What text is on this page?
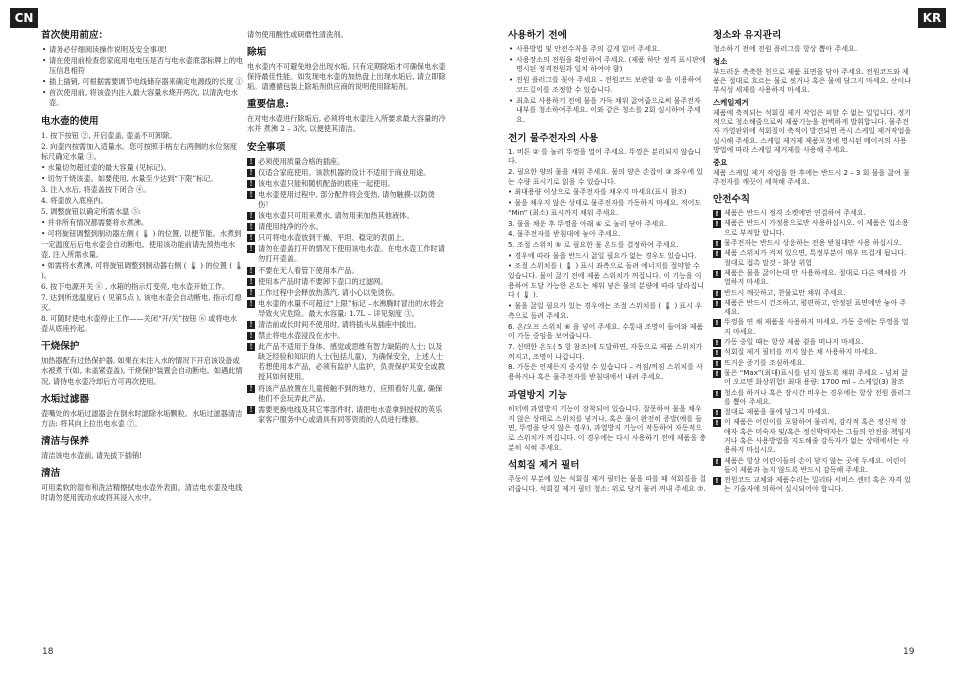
CN	KR
首次使用前应：
• 请务必仔细阅读操作说明及安全事项!
• 请在使用前检查您家庭用电电压是否与电水壶底部标牌上的电压信息相符
• 插上插销, 可根据需要调节电线储存器来确定电源线的长度 ①
• 首次使用前, 将该壶内注入最大容量水烧开两次, 以清洗电水壶。
电水壶的使用
1. 按下按钮 ②, 开启壶盖, 壶盖不可卸除。
2. 向壶内按需加入适量水。您可按照手柄左右两侧的水位刻度标尺确定水量 ③。
• 水量切勿超过壶的最大容量 (见标记)。
• 切勿干烧该壶。如要使用, 水量至少达到“下限”标记。
3. 注入水后, 将壶盖按下闭合 ④。
4. 将壶放入底座内。
5. 调整旋钮以确定所需水温 ⑤:
• 并非所有情况都需要将水煮沸。
• 可将旋钮调整到制动器左侧 ( 🌡 ) 的位置, 以便节能。水煮到一定温度后后电水壶会自动断电。使用该功能前请先预热电水壶, 注入所需水量。
• 如需将水煮沸, 可将旋钮调整到制动器右侧 ( 🌡 ) 的位置 ( 🌡 )。
6. 按下电源开关 ⑥ , 水箱的指示灯变亮, 电水壶开始工作。
7. 达到所选温度后 ( 见第5点 ), 该电水壶会自动断电, 指示灯熄灭。
8. 可随时使电水壶停止工作——关闭“开/关”按钮 ⑥ 或将电水壶从底座拎起。
干烧保护

加热器配有过热保护器, 如果在未注入水的情况下开启该设备或水被煮干(如, 未盖紧壶盖), 干烧保护装置会自动断电。如遇此情况, 请待电水壶冷却后方可再次使用。

水垢过滤器

壶嘴处的水垢过滤器会在倒水时滤除水垢颗粒。水垢过滤器清洁方法: 将其向上拉出电水壶 ⑦。

清洁与保养

清洁该电水壶前, 请先拔下插销!

清洁

可用柔软的湿布和洗洁精擦拭电水壶外表面。清洁电水壶及电线时请勿使用流动水或将其浸入水中。

请勿使用酸性或研磨性清洗剂。

除垢

电水壶内不可避免地会出现水垢, 只有定期除垢才可确保电水壶保持最佳性能。如发现电水壶的加热盘上出现水垢后, 请立即除垢。请遵循包装上除垢剂供应商的说明使用除垢剂。

重要信息:

在对电水壶进行除垢后, 必须将电水壶注入所要求最大容量的冷水并 煮沸 2 – 3次, 以便使其清洁。

安全事项
! 必须使用质量合格的插座。
! 仅适合家庭使用。该款机器的设计不适用于商业用途。
! 该电水壶只能和随机配备的底座一起使用。
! 电水壶使用过程中, 部分配件将会变热, 请勿触摸-以防烫伤！
! 该电水壶只可用来煮水, 请勿用来加热其他液体。
! 请使用纯净的冷水。
! 只可将电水壶放到干燥、平坦、稳定的表面上。
! 请勿在壶盖打开的情况下使用该电水壶。在电水壶工作时请勿打开壶盖。
! 不要在无人看管下使用本产品。
! 使用本产品时请不要卸下壶口的过滤网。
! 工作过程中会释放热蒸汽, 请小心以免烫伤。
! 电水壶的水量不可超过“上限”标记 –水沸腾时冒出的水将会导致火灾危险。最大水容量: 1.7L – 详见刻度 ③。
! 清洁前或长时间不使用时, 请将插头从插座中拔出。
! 禁止将电水壶浸没在水中。
! 此产品不适用于身体、感觉或思维有智力缺陷的人士; 以及缺乏经验和知识的人士(包括儿童)，为确保安全，上述人士若想使用本产品，必须有监护人监护，负责保护其安全或教授其如何使用。
! 将该产品放置在儿童接触不到的地方，应照看好儿童, 确保他们不会玩弄此产品。
! 需要更换电线及其它零部件时, 请把电水壶拿到授权的英乐家客户服务中心或请具有同等资质的人员进行维修。
사용하기 전에
• 사용방법 및 안전수칙을 주의 깊게 읽어 주세요.
• 사용장소의 전원을 확인하여 주세요. (제품 하단 정격 표시판에 명시된 정격전원과 일치 하여야 함)
• 전원 플러그를 꽂아 주세요 – 전원코드 보관함 ① 을 이용하여 코드길이를 조정할 수 있습니다.
• 최초로 사용하기 전에 물을 가득 채워 끓여줍으로써 물주전자 내부를 청소하여주세요. 이와 같은 청소를 2회 실시하여 주세요.
전기 물주전자의 사용
1. 버튼 ② 를 눌러 뚜껑을 열어 주세요. 뚜껑은 분리되지 않습니다.
2. 필요한 양의 물을 채워 주세요. 물의 양은 손잡이 ③ 좌우에 있는 수량 표시기로 읽을 수 있습니다.
• 최대용량 이상으로 물주전자를 채우지 마세요(표시 참조)
• 물을 채우지 않은 상태로 물주전자를 가동하지 마세요. 적어도 “Min” (최소) 표시까지 채워 주세요.
3. 물을 채운 후 뚜껑을 아래 ④ 로 눌러 닫아 주세요.
4. 물주전자를 받침대에 놓아 주세요.
5. 조절 스위치 ⑤ 로 필요한 물 온도를 결정하여 주세요.
• 경우에 따라 물을 반드시 끓일 필요가 없는 경우도 있습니다.
• 조절 스위치를 ( 🌡 ) 표시 좌측으로 돌려 에너지를 절약할 수 있습니다. 물이 끓기 전에 제품 스위치가 꺼집니다. 이 기능을 이용하여 도달 가능한 온도는 채워 넣은 물의 분량에 따라 달라집니다 ( 🌡 ).
• 물을 끓일 필요가 있는 경우에는 조절 스위치를 ( 🌡 ) 표시 우측으로 돌려 주세요.
6. 온/오프 스위치 ⑥ 을 넣어 주세요. 수통내 조명이 들어와 제품이 가동 중임을 보여줍니다.
7. 선택한 온도( 5 항 참조)에 도달하면, 자동으로 제품 스위치가 꺼지고, 조명이 나갑니다.
8. 가동은 언제든지 중지할 수 있습니다 – 켜짐/꺼짐 스위치를 사용하거나 혹은 물주전자를 받침대에서 내려 주세요.
과열방지 기능

히터에 과열방지 기능이 장착되어 있습니다. 잘못하여 물을 채우지 않은 상태로 스위치를 넣거나, 혹은 물이 완전히 증발(예를 들면, 뚜껑을 닫지 않은 경우), 과열방지 기능이 작동하여 자동적으로 스위치가 꺼집니다. 이 경우에는 다시 사용하기 전에 제품을 충분히 식혀 주세요.

석회질 제거 필터

주둥이 부분에 있는 석회질 제거 필터는 물을 따를 때 석회질을 걸러줍니다. 석회질 제거 필터 청소: 위로 당겨 물려 꺼내 주세요 ⑦.

청소와 유지관리

청소하기 전에 전원 플러그를 항상 뽑아 주세요.

청소

부드러운 축축한 천으로 제품 표면을 닦아 주세요. 전원코드와 제품은 절대로 흐르는 물로 씻거나 혹은 물에 담그지 마세요. 산이나 부식성 세제를 사용하지 마세요.

스케일제거

제품에 축적되는 석회질 제거 작업은 피할 수 없는 일입니다. 정기적으로 청소해줌으로써 제품기능을 완벽하게 발휘합니다. 물주전자 가열판위에 석회질이 축적이 발견되면 즉시 스케일 제거작업을 실시해 주세요. 스케일 제거제 제품포장에 명시된 메이커의 사용방법에 따라 스케일 제거제를 사용해 주세요.

중요

제품 스케일 제거 작업을 한 후에는 반드시 2 – 3 회 물을 끓여 물주전자를 깨끗이 세척해 주세요.

안전수칙
! 제품은 반드시 정격 소켓에만 연결하여 주세요.
! 제품은 반드시 가정용으로만 사용하십시오. 이 제품은 업소용으로 부적합 합니다.
! 물주전자는 반드시 상응하는 전용 받침대만 사용 하십시오.
! 제품 스위치가 켜져 있으면, 특정부분이 매우 뜨겁게 됩니다. 절대로 접촉 말것 - 화상 위험
! 제품은 물을 끓이는데 만 사용하세요. 절대로 다른 액체를 가열하지 마세요.
! 반드시 깨끗하고, 찬물로만 채워 주세요.
! 제품은 반드시 건조하고, 평편하고, 안정된 표면에만 놓아 주세요.
! 뚜껑을 연 채 제품을 사용하지 마세요. 가동 중에는 뚜껑을 열지 마세요.
! 가동 중일 때는 항상 제품 곁을 떠나지 마세요.
! 석회질 제거 필터를 끼지 않은 채 사용하지 마세요.
! 뜨거운 증기를 조심하세요.
! 물은 “Max”(최대)표시를 넘지 않도록 채워 주세요 – 넘쳐 끓어 오르면 화상위험! 최대 용량: 1700 ml – 스케일(3) 참조
! 청소를 하거나 혹은 장시간 비우는 경우에는 항상 전원 플러그를 뽑아 주세요.
! 절대로 제품을 물에 담그지 마세요.
! 이 제품은 어린이를 포함하여 물리적, 감각적 혹은 정신적 장애자 혹은 미숙자 및/혹은 정신박약자는 그들의 안전을 책임지거나 혹은 사용방법을 지도해줄 감독자가 없는 상태에서는 사용하지 마십시오.
! 제품은 항상 어린이들의 손이 닿지 않는 곳에 두세요. 어린이들이 제품과 놀지 않도록 반드시 감독해 주세요.
! 전원코드 교체와 제품수리는 밀리타 서비스 센터 혹은 자격 있는 기술자에 의하여 실시되어야 합니다.
18	19
